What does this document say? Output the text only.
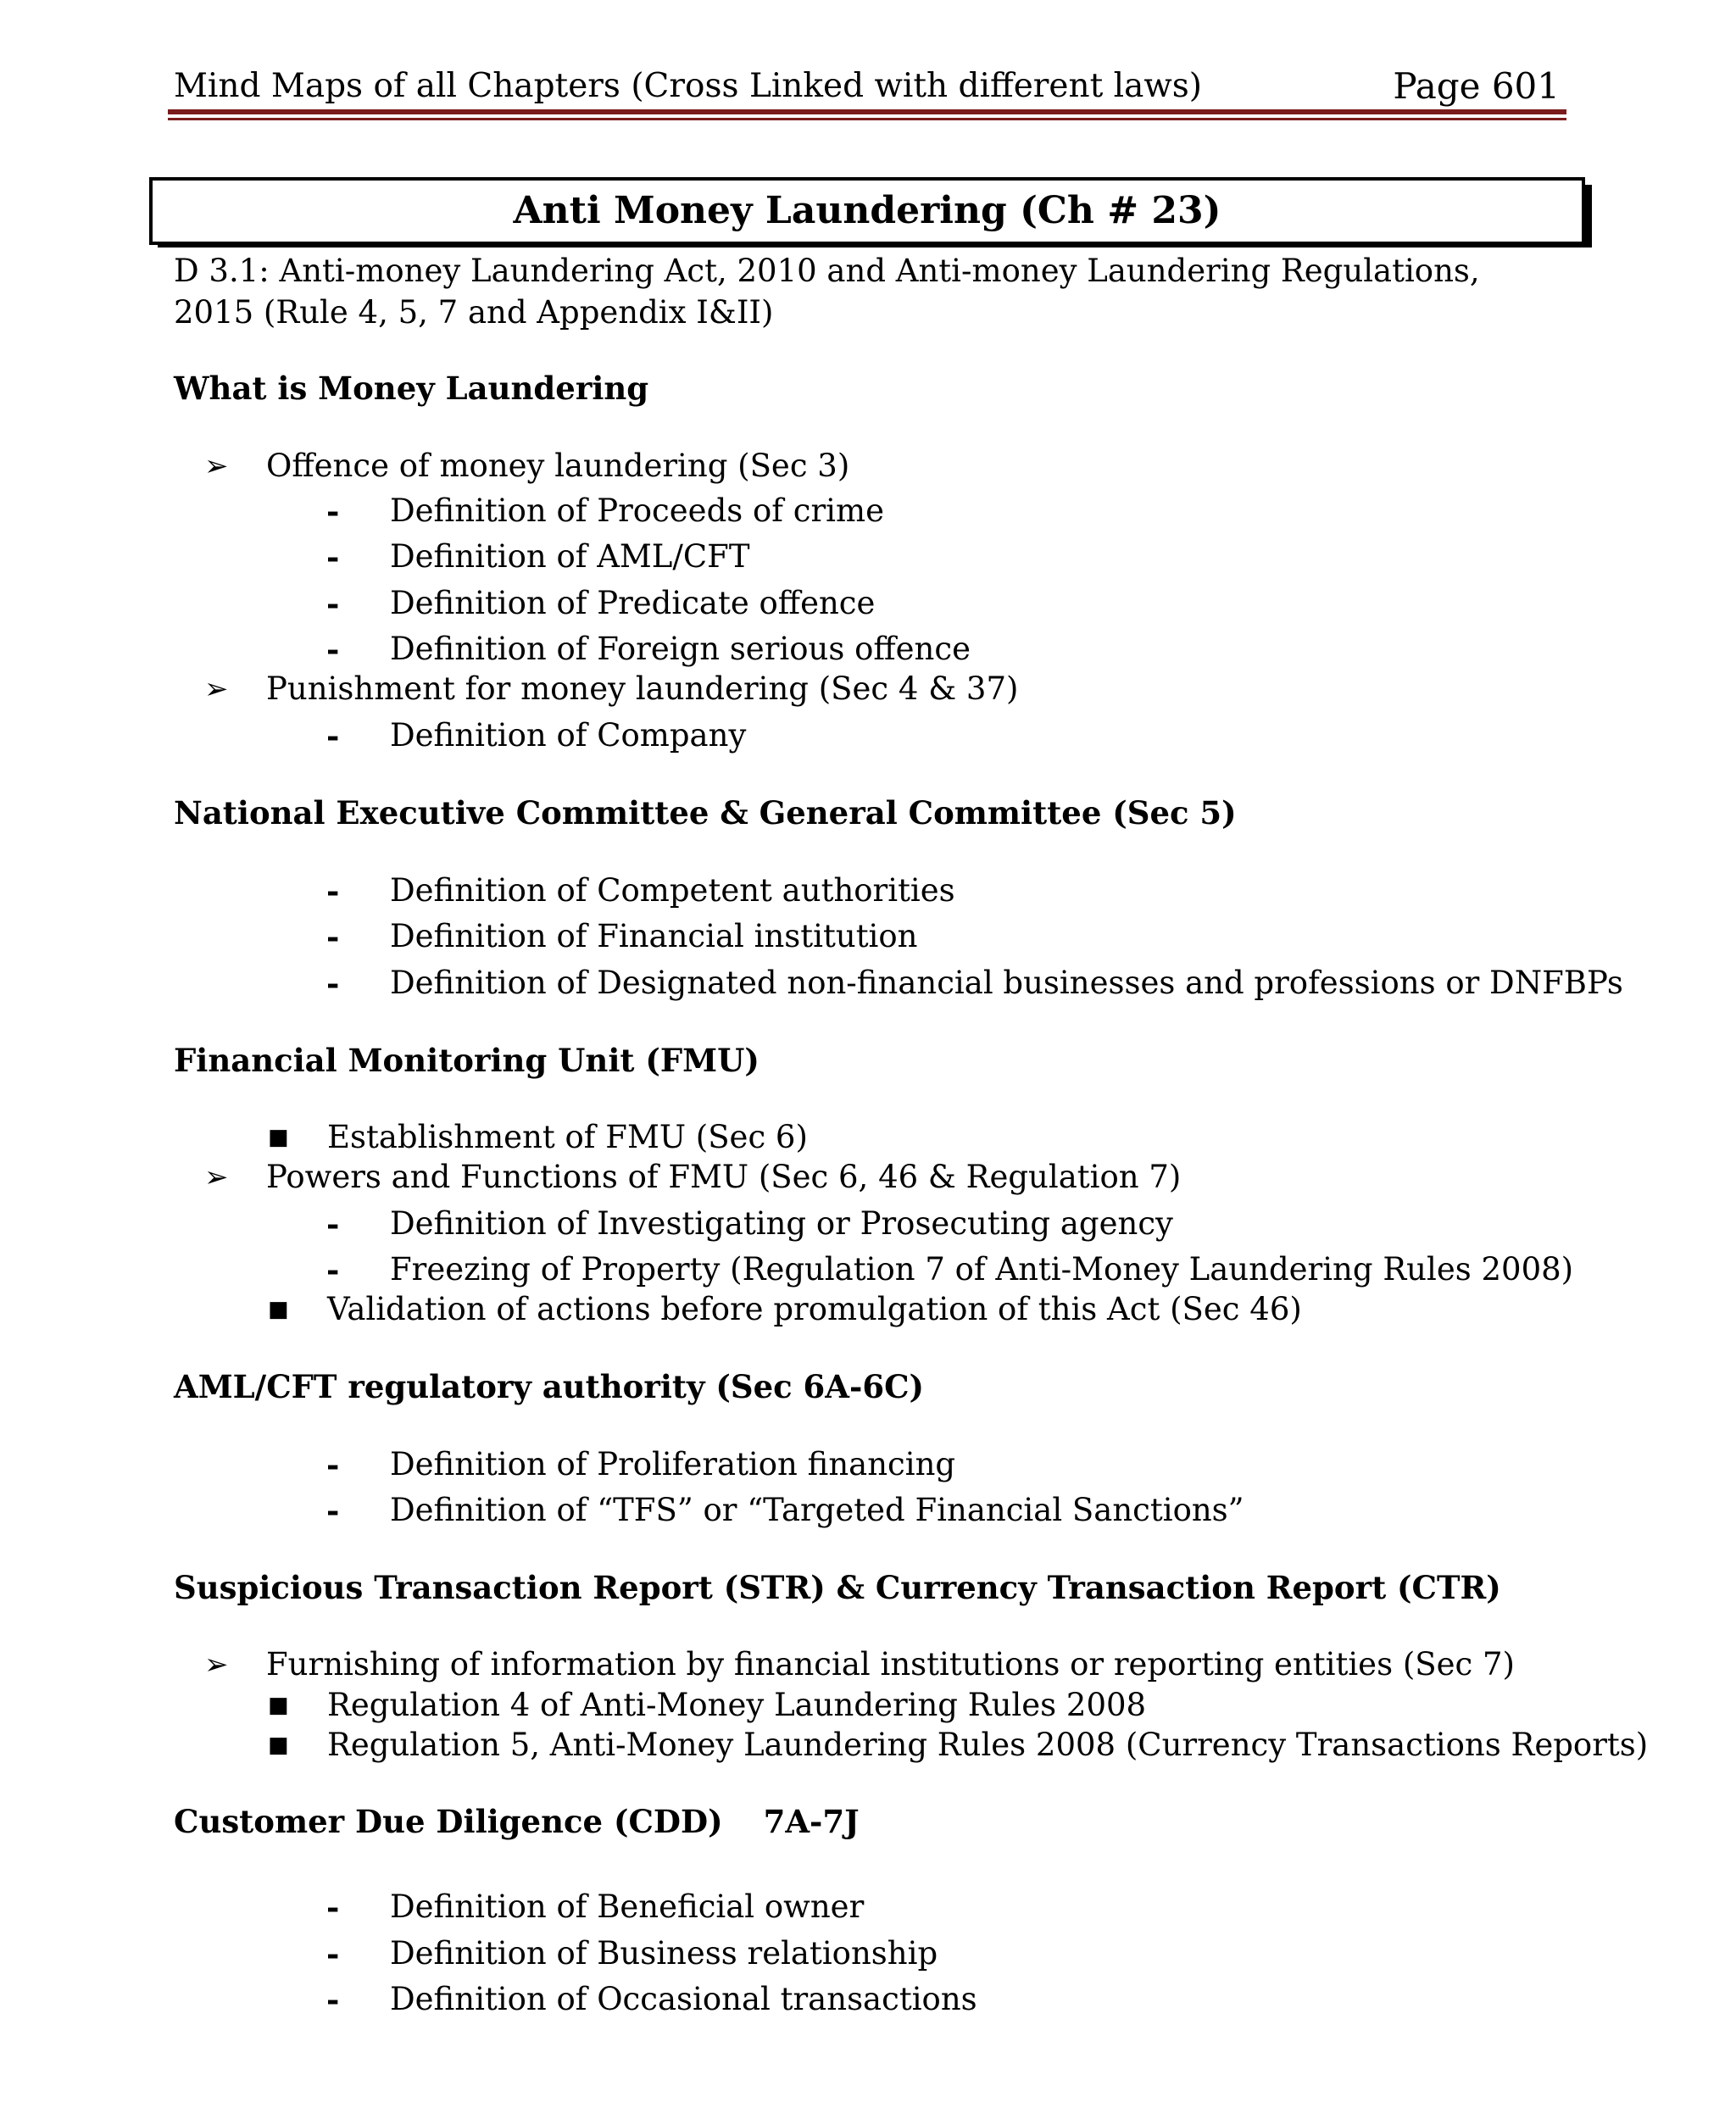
Mind Maps of all Chapters (Cross Linked with different laws)	Page 601
Anti Money Laundering (Ch # 23)
D 3.1: Anti-money Laundering Act, 2010 and Anti-money Laundering Regulations, 2015 (Rule 4, 5, 7 and Appendix I&II)
What is Money Laundering
➢ Offence of money laundering (Sec 3)
- Definition of Proceeds of crime
- Definition of AML/CFT
- Definition of Predicate offence
- Definition of Foreign serious offence
➢ Punishment for money laundering (Sec 4 & 37)
- Definition of Company
National Executive Committee & General Committee (Sec 5)
- Definition of Competent authorities
- Definition of Financial institution
- Definition of Designated non-financial businesses and professions or DNFBPs
Financial Monitoring Unit (FMU)
■ Establishment of FMU (Sec 6)
➢ Powers and Functions of FMU (Sec 6, 46 & Regulation 7)
- Definition of Investigating or Prosecuting agency
- Freezing of Property (Regulation 7 of Anti-Money Laundering Rules 2008)
■ Validation of actions before promulgation of this Act (Sec 46)
AML/CFT regulatory authority (Sec 6A-6C)
- Definition of Proliferation financing
- Definition of “TFS” or “Targeted Financial Sanctions”
Suspicious Transaction Report (STR) & Currency Transaction Report (CTR)
➢ Furnishing of information by financial institutions or reporting entities (Sec 7)
■ Regulation 4 of Anti-Money Laundering Rules 2008
■ Regulation 5, Anti-Money Laundering Rules 2008 (Currency Transactions Reports)
Customer Due Diligence (CDD) 7A-7J
- Definition of Beneficial owner
- Definition of Business relationship
- Definition of Occasional transactions
